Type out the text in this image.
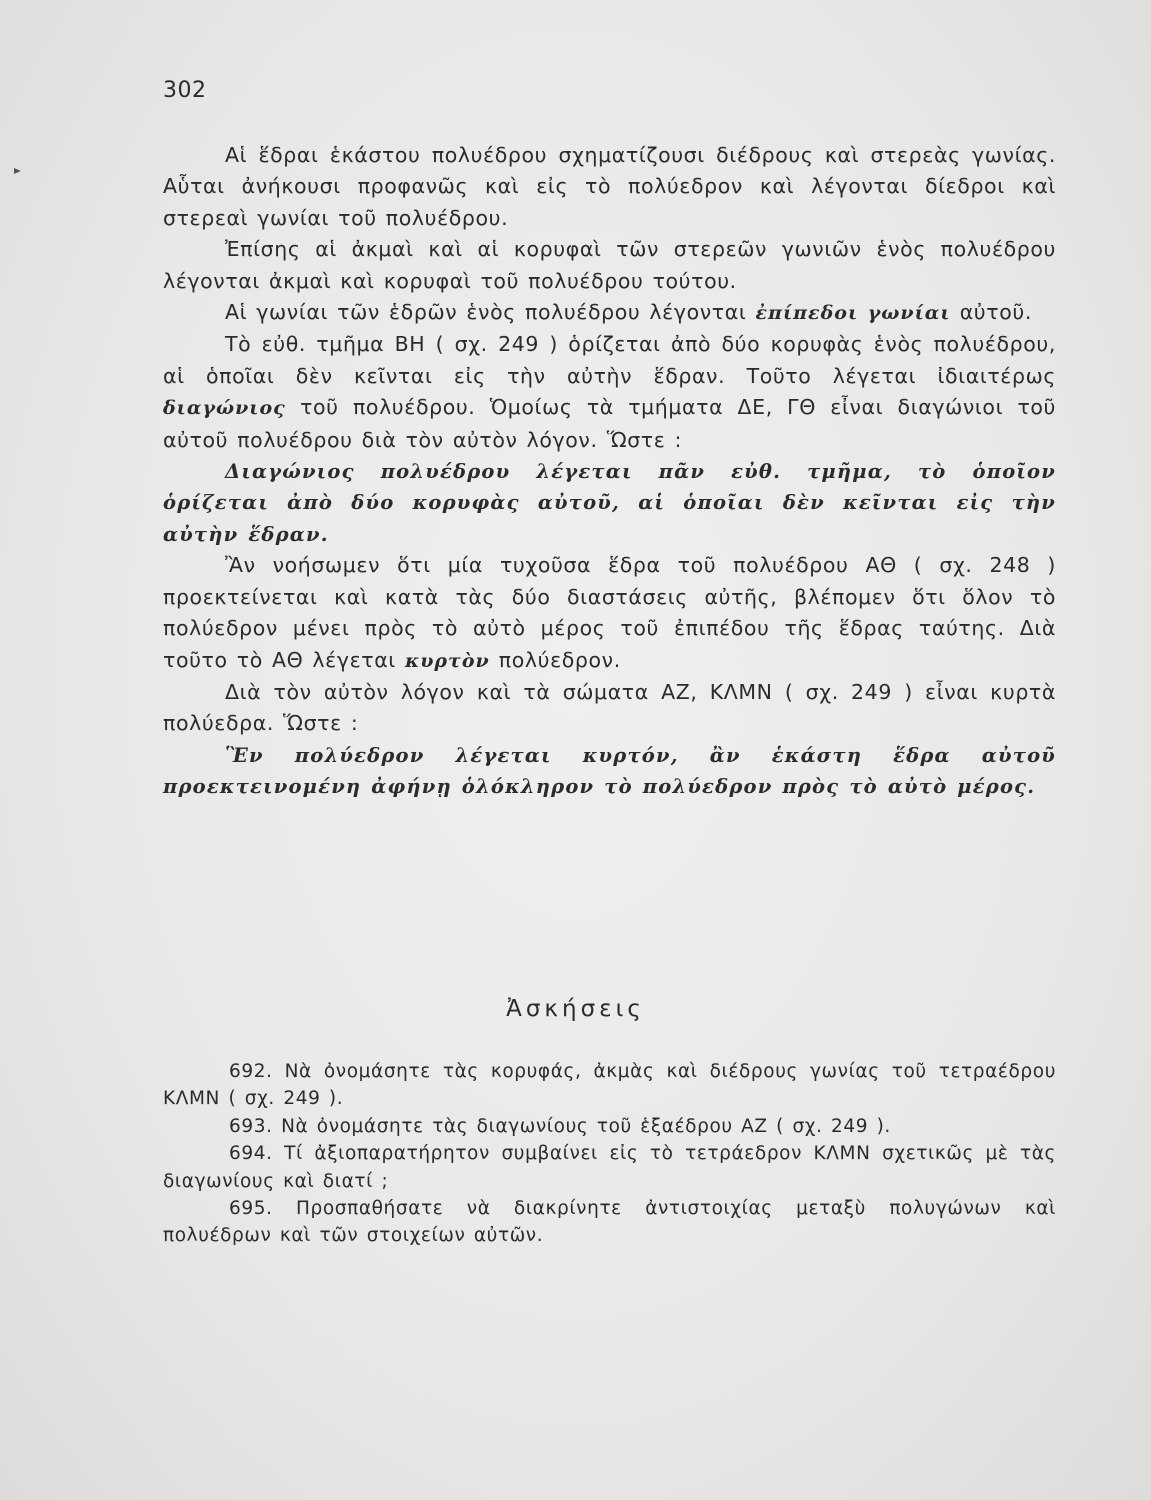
302

Αἱ ἕδραι ἑκάστου πολυέδρου σχηματίζουσι διέδρους καὶ στερεὰς γωνίας. Αὗται ἀνήκουσι προφανῶς καὶ εἰς τὸ πολύεδρον καὶ λέγονται δίεδροι καὶ στερεαὶ γωνίαι τοῦ πολυέδρου.

Ἐπίσης αἱ ἀκμαὶ καὶ αἱ κορυφαὶ τῶν στερεῶν γωνιῶν ἑνὸς πολυέδρου λέγονται ἀκμαὶ καὶ κορυφαὶ τοῦ πολυέδρου τούτου.

Αἱ γωνίαι τῶν ἑδρῶν ἑνὸς πολυέδρου λέγονται ἐπίπεδοι γωνίαι αὐτοῦ.

Τὸ εὐθ. τμῆμα ΒΗ ( σχ. 249 ) ὁρίζεται ἀπὸ δύο κορυφὰς ἑνὸς πολυέδρου, αἱ ὁποῖαι δὲν κεῖνται εἰς τὴν αὐτὴν ἕδραν. Τοῦτο λέγεται ἰδιαιτέρως διαγώνιος τοῦ πολυέδρου. Ὁμοίως τὰ τμήματα ΔΕ, ΓΘ εἶναι διαγώνιοι τοῦ αὐτοῦ πολυέδρου διὰ τὸν αὐτὸν λόγον. Ὥστε :

Διαγώνιος πολυέδρου λέγεται πᾶν εὐθ. τμῆμα, τὸ ὁποῖον ὁρίζεται ἀπὸ δύο κορυφὰς αὐτοῦ, αἱ ὁποῖαι δὲν κεῖνται εἰς τὴν αὐτὴν ἕδραν.

Ἂν νοήσωμεν ὅτι μία τυχοῦσα ἕδρα τοῦ πολυέδρου ΑΘ ( σχ. 248 ) προεκτείνεται καὶ κατὰ τὰς δύο διαστάσεις αὐτῆς, βλέπομεν ὅτι ὅλον τὸ πολύεδρον μένει πρὸς τὸ αὐτὸ μέρος τοῦ ἐπιπέδου τῆς ἕδρας ταύτης. Διὰ τοῦτο τὸ ΑΘ λέγεται κυρτὸν πολύεδρον.

Διὰ τὸν αὐτὸν λόγον καὶ τὰ σώματα ΑΖ, ΚΛΜΝ ( σχ. 249 ) εἶναι κυρτὰ πολύεδρα. Ὥστε :

Ἓν πολύεδρον λέγεται κυρτόν, ἂν ἑκάστη ἕδρα αὐτοῦ προεκτεινομένη ἀφήνῃ ὁλόκληρον τὸ πολύεδρον πρὸς τὸ αὐτὸ μέρος.

Ἀσκήσεις

692. Νὰ ὀνομάσητε τὰς κορυφάς, ἀκμὰς καὶ διέδρους γωνίας τοῦ τετραέδρου ΚΛΜΝ ( σχ. 249 ).

693. Νὰ ὀνομάσητε τὰς διαγωνίους τοῦ ἑξαέδρου ΑΖ ( σχ. 249 ).

694. Τί ἀξιοπαρατήρητον συμβαίνει εἰς τὸ τετράεδρον ΚΛΜΝ σχετικῶς μὲ τὰς διαγωνίους καὶ διατί ;

695. Προσπαθήσατε νὰ διακρίνητε ἀντιστοιχίας μεταξὺ πολυγώνων καὶ πολυέδρων καὶ τῶν στοιχείων αὐτῶν.
